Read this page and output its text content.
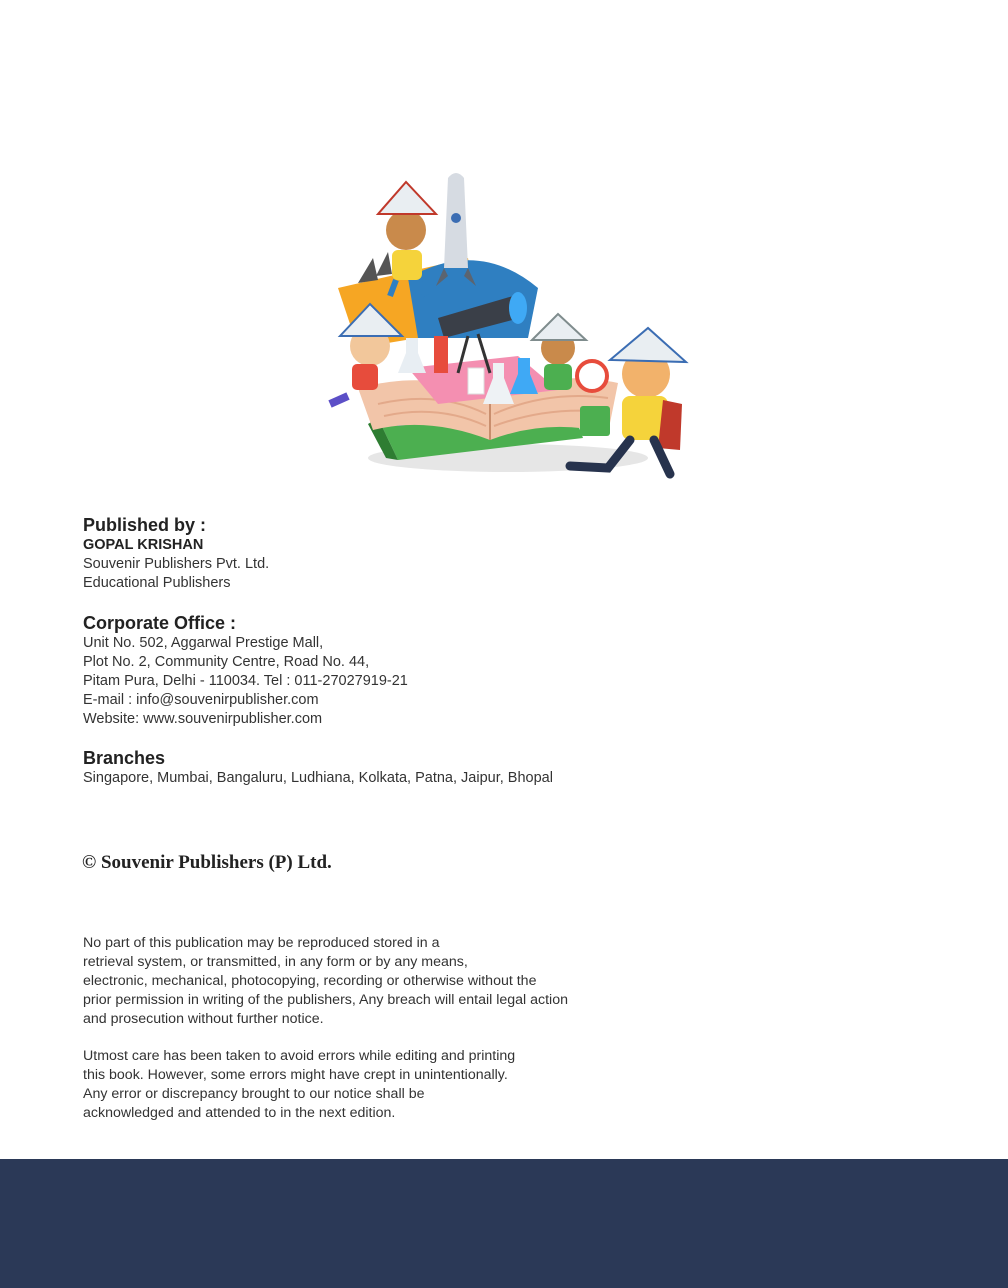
Published by :
GOPAL KRISHAN
Souvenir Publishers Pvt. Ltd.
Educational Publishers
Corporate Office :
Unit No. 502, Aggarwal Prestige Mall,
Plot No. 2, Community Centre, Road No. 44,
Pitam Pura, Delhi - 110034. Tel : 011-27027919-21
E-mail : info@souvenirpublisher.com
Website: www.souvenirpublisher.com
Branches
Singapore, Mumbai, Bangaluru, Ludhiana, Kolkata, Patna, Jaipur, Bhopal
© Souvenir Publishers (P) Ltd.
No part of this publication may be reproduced stored in a
retrieval system, or transmitted, in any form or by any means,
electronic, mechanical, photocopying, recording or otherwise without the
prior permission in writing of the publishers, Any breach will entail legal action
and prosecution without further notice.
Utmost care has been taken to avoid errors while editing and printing
this book. However, some errors might have crept in unintentionally.
Any error or discrepancy brought to our notice shall be
acknowledged and attended to in the next edition.
